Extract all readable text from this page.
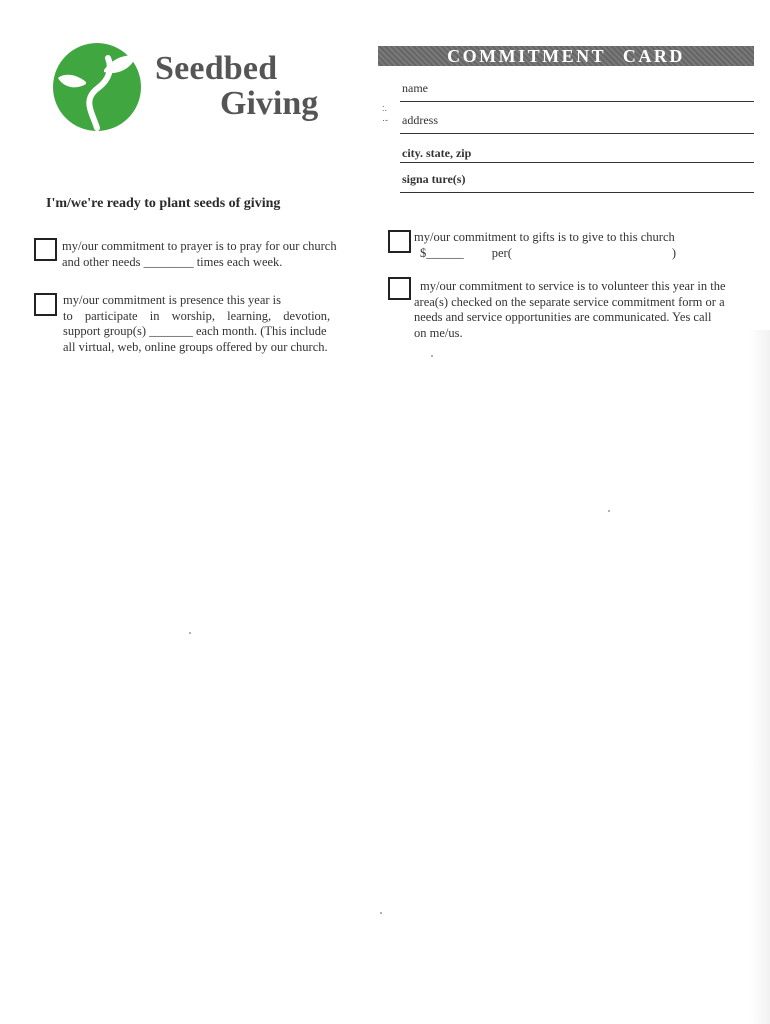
Seedbed
Giving
COMMITMENT CARD
name
:.
·- address
city. state, zip
signa ture(s)
I'm/we're ready to plant seeds of giving
my/our commitment to prayer is to pray for our church
and other needs ________ times each week.
my/our commitment is presence this year is
to participate in worship, learning, devotion,
support group(s) _______ each month. (This include
all virtual, web, online groups offered by our church.
my/our commitment to gifts is to give to this church
$______ per(	)
my/our commitment to service is to volunteer this year in the
area(s) checked on the separate service commitment form or a
needs and service opportunities are communicated. Yes call
on me/us.
